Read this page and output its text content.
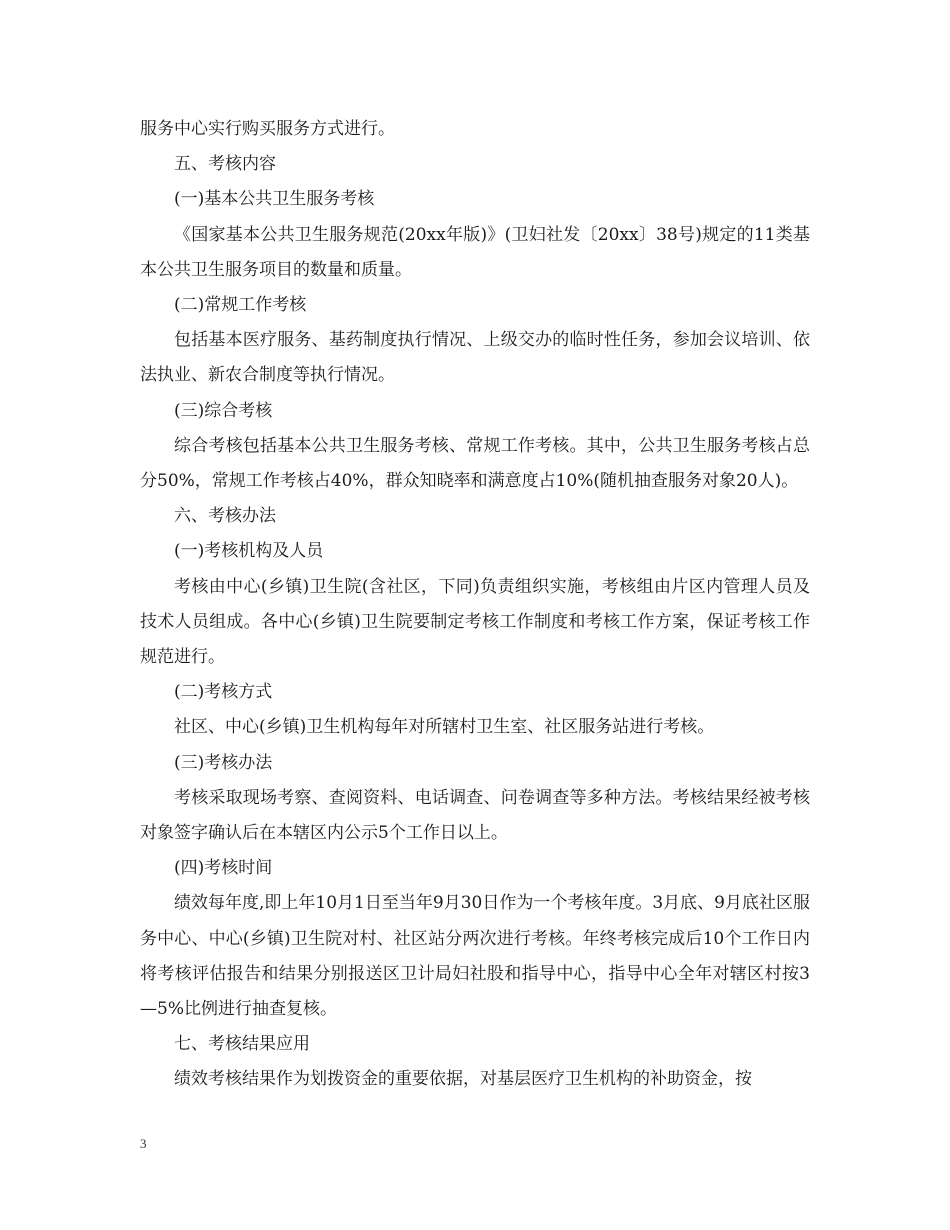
服务中心实行购买服务方式进行。

五、考核内容

(一)基本公共卫生服务考核

《国家基本公共卫生服务规范(20xx年版)》(卫妇社发〔20xx〕38号)规定的11类基本公共卫生服务项目的数量和质量。

(二)常规工作考核

包括基本医疗服务、基药制度执行情况、上级交办的临时性任务，参加会议培训、依法执业、新农合制度等执行情况。

(三)综合考核

综合考核包括基本公共卫生服务考核、常规工作考核。其中，公共卫生服务考核占总分50%，常规工作考核占40%，群众知晓率和满意度占10%(随机抽查服务对象20人)。

六、考核办法

(一)考核机构及人员

考核由中心(乡镇)卫生院(含社区，下同)负责组织实施，考核组由片区内管理人员及技术人员组成。各中心(乡镇)卫生院要制定考核工作制度和考核工作方案，保证考核工作规范进行。

(二)考核方式

社区、中心(乡镇)卫生机构每年对所辖村卫生室、社区服务站进行考核。

(三)考核办法

考核采取现场考察、查阅资料、电话调查、问卷调查等多种方法。考核结果经被考核对象签字确认后在本辖区内公示5个工作日以上。

(四)考核时间

绩效每年度,即上年10月1日至当年9月30日作为一个考核年度。3月底、9月底社区服务中心、中心(乡镇)卫生院对村、社区站分两次进行考核。年终考核完成后10个工作日内将考核评估报告和结果分别报送区卫计局妇社股和指导中心，指导中心全年对辖区村按3—5%比例进行抽查复核。

七、考核结果应用

绩效考核结果作为划拨资金的重要依据，对基层医疗卫生机构的补助资金，按

3
